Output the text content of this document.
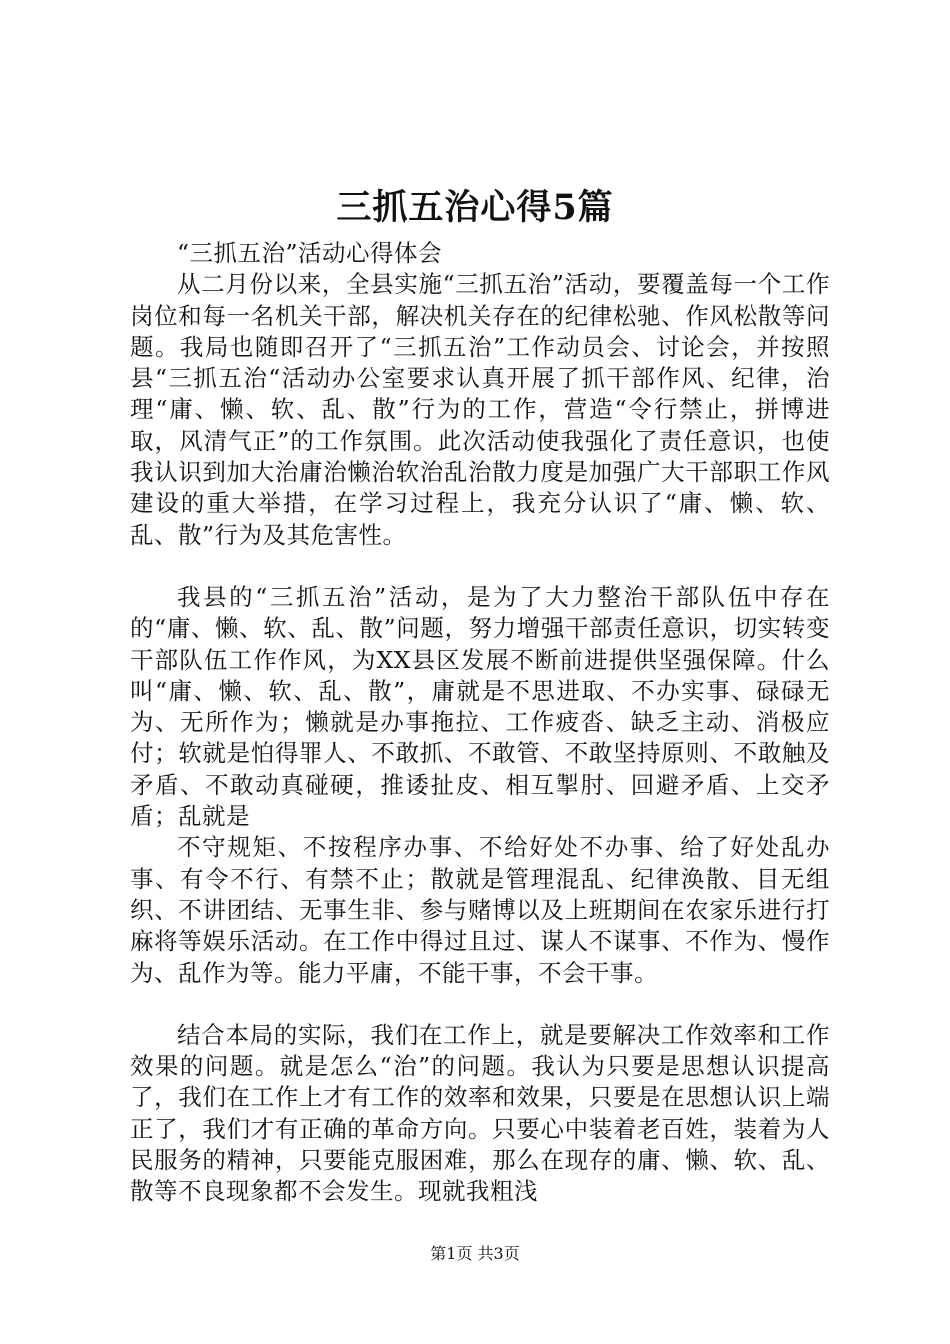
三抓五治心得5篇

“三抓五治”活动心得体会

从二月份以来，全县实施“三抓五治”活动，要覆盖每一个工作岗位和每一名机关干部，解决机关存在的纪律松驰、作风松散等问题。我局也随即召开了“三抓五治”工作动员会、讨论会，并按照县“三抓五治“活动办公室要求认真开展了抓干部作风、纪律，治理“庸、懒、软、乱、散”行为的工作，营造“令行禁止，拼博进取，风清气正”的工作氛围。此次活动使我强化了责任意识，也使我认识到加大治庸治懒治软治乱治散力度是加强广大干部职工作风建设的重大举措，在学习过程上，我充分认识了“庸、懒、软、乱、散”行为及其危害性。

我县的“三抓五治”活动，是为了大力整治干部队伍中存在的“庸、懒、软、乱、散”问题，努力增强干部责任意识，切实转变干部队伍工作作风，为XX县区发展不断前进提供坚强保障。什么叫“庸、懒、软、乱、散”，庸就是不思进取、不办实事、碌碌无为、无所作为；懒就是办事拖拉、工作疲沓、缺乏主动、消极应付；软就是怕得罪人、不敢抓、不敢管、不敢坚持原则、不敢触及矛盾、不敢动真碰硬，推诿扯皮、相互掣肘、回避矛盾、上交矛盾；乱就是

不守规矩、不按程序办事、不给好处不办事、给了好处乱办事、有令不行、有禁不止；散就是管理混乱、纪律涣散、目无组织、不讲团结、无事生非、参与赌博以及上班期间在农家乐进行打麻将等娱乐活动。在工作中得过且过、谋人不谋事、不作为、慢作为、乱作为等。能力平庸，不能干事，不会干事。

结合本局的实际，我们在工作上，就是要解决工作效率和工作效果的问题。就是怎么“治”的问题。我认为只要是思想认识提高了，我们在工作上才有工作的效率和效果，只要是在思想认识上端正了，我们才有正确的革命方向。只要心中装着老百姓，装着为人民服务的精神，只要能克服困难，那么在现存的庸、懒、软、乱、散等不良现象都不会发生。现就我粗浅

第1页 共3页
